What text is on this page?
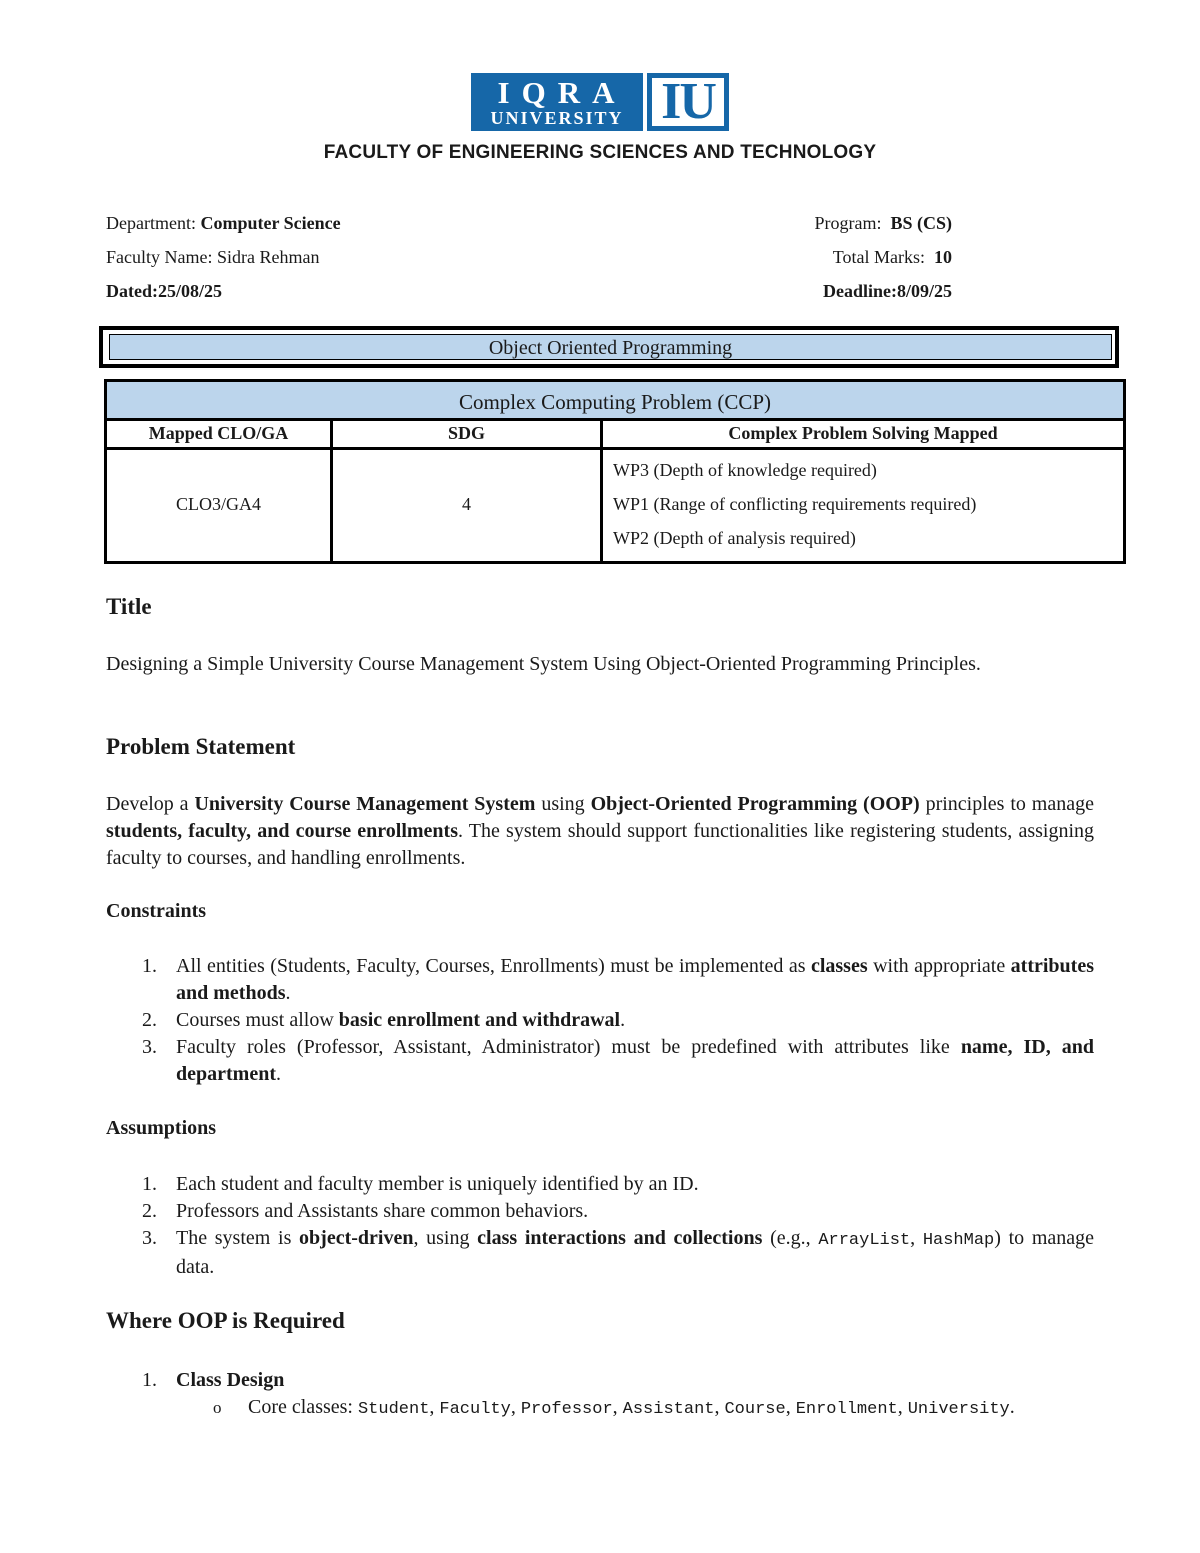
IQRA
UNIVERSITY IU
FACULTY OF ENGINEERING SCIENCES AND TECHNOLOGY
Department: Computer Science	Program: BS (CS)
Faculty Name: Sidra Rehman	Total Marks: 10
Dated:25/08/25	Deadline:8/09/25
Object Oriented Programming
Complex Computing Problem (CCP)
Mapped CLO/GA	SDG	Complex Problem Solving Mapped
CLO3/GA4	4
WP3 (Depth of knowledge required)
WP1 (Range of conflicting requirements required)
WP2 (Depth of analysis required)
Title
Designing a Simple University Course Management System Using Object-Oriented Programming Principles.
Problem Statement
Develop a University Course Management System using Object-Oriented Programming (OOP) principles to manage students, faculty, and course enrollments. The system should support functionalities like registering students, assigning faculty to courses, and handling enrollments.
Constraints
1. All entities (Students, Faculty, Courses, Enrollments) must be implemented as classes with appropriate attributes and methods.
2. Courses must allow basic enrollment and withdrawal.
3. Faculty roles (Professor, Assistant, Administrator) must be predefined with attributes like name, ID, and department.
Assumptions
1. Each student and faculty member is uniquely identified by an ID.
2. Professors and Assistants share common behaviors.
3. The system is object-driven, using class interactions and collections (e.g., ArrayList, HashMap) to manage data.
Where OOP is Required
1. Class Design
o Core classes: Student, Faculty, Professor, Assistant, Course, Enrollment, University.
